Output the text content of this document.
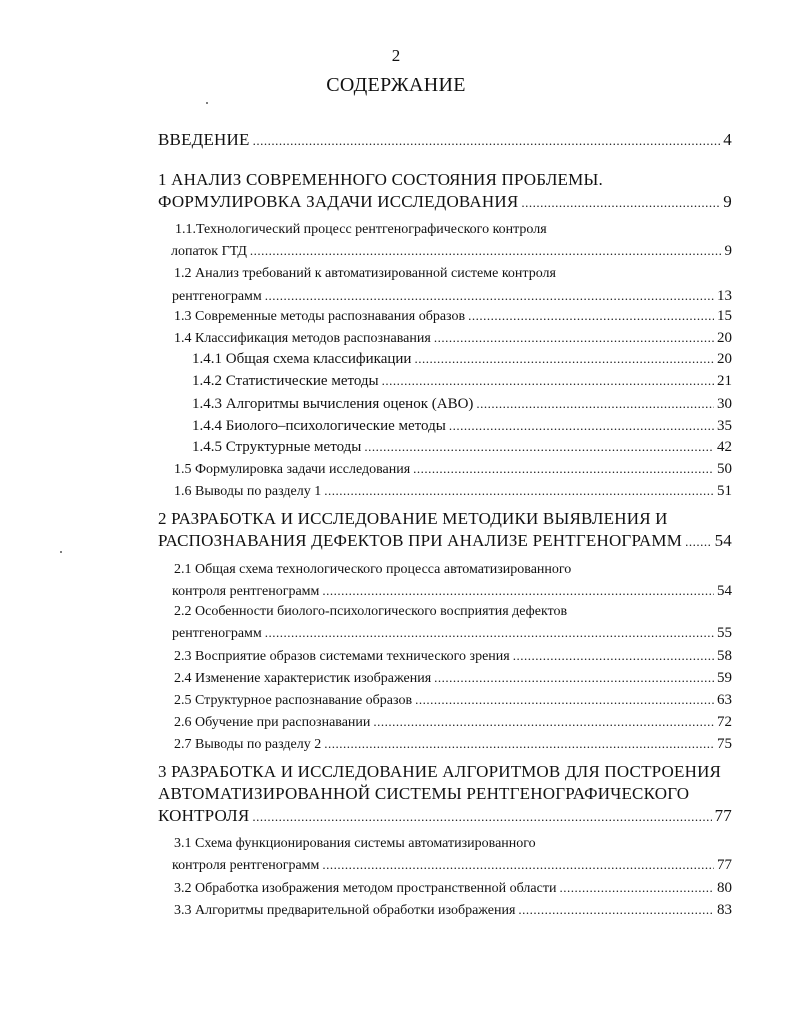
2
СОДЕРЖАНИЕ
ВВЕДЕНИЕ .....	4
1 АНАЛИЗ СОВРЕМЕННОГО СОСТОЯНИЯ ПРОБЛЕМЫ.
ФОРМУЛИРОВКА ЗАДАЧИ ИССЛЕДОВАНИЯ .....	9
1.1.Технологический процесс рентгенографического контроля
лопаток ГТД .....	9
1.2 Анализ требований к автоматизированной системе контроля
рентгенограмм .....	13
1.3 Современные методы распознавания образов .....	15
1.4 Классификация методов распознавания .....	20
1.4.1 Общая схема классификации .....	20
1.4.2 Статистические методы .....	21
1.4.3 Алгоритмы вычисления оценок (АВО) .....	30
1.4.4 Биолого–психологические методы .....	35
1.4.5 Структурные методы .....	42
1.5 Формулировка задачи исследования .....	50
1.6 Выводы по разделу 1 .....	51
2 РАЗРАБОТКА И ИССЛЕДОВАНИЕ МЕТОДИКИ ВЫЯВЛЕНИЯ И
РАСПОЗНАВАНИЯ ДЕФЕКТОВ ПРИ АНАЛИЗЕ РЕНТГЕНОГРАММ ..... 54
2.1 Общая схема технологического процесса автоматизированного
контроля рентгенограмм .....	54
2.2 Особенности биолого-психологического восприятия дефектов
рентгенограмм .....	55
2.3 Восприятие образов системами технического зрения .....	58
2.4 Изменение характеристик изображения .....	59
2.5 Структурное распознавание образов .....	63
2.6 Обучение при распознавании .....	72
2.7 Выводы по разделу 2 .....	75
3 РАЗРАБОТКА И ИССЛЕДОВАНИЕ АЛГОРИТМОВ ДЛЯ ПОСТРОЕНИЯ
АВТОМАТИЗИРОВАННОЙ СИСТЕМЫ РЕНТГЕНОГРАФИЧЕСКОГО
КОНТРОЛЯ .....	77
3.1 Схема функционирования системы автоматизированного
контроля рентгенограмм .....	77
3.2 Обработка изображения методом пространственной области .....	80
3.3 Алгоритмы предварительной обработки изображения .....	83
